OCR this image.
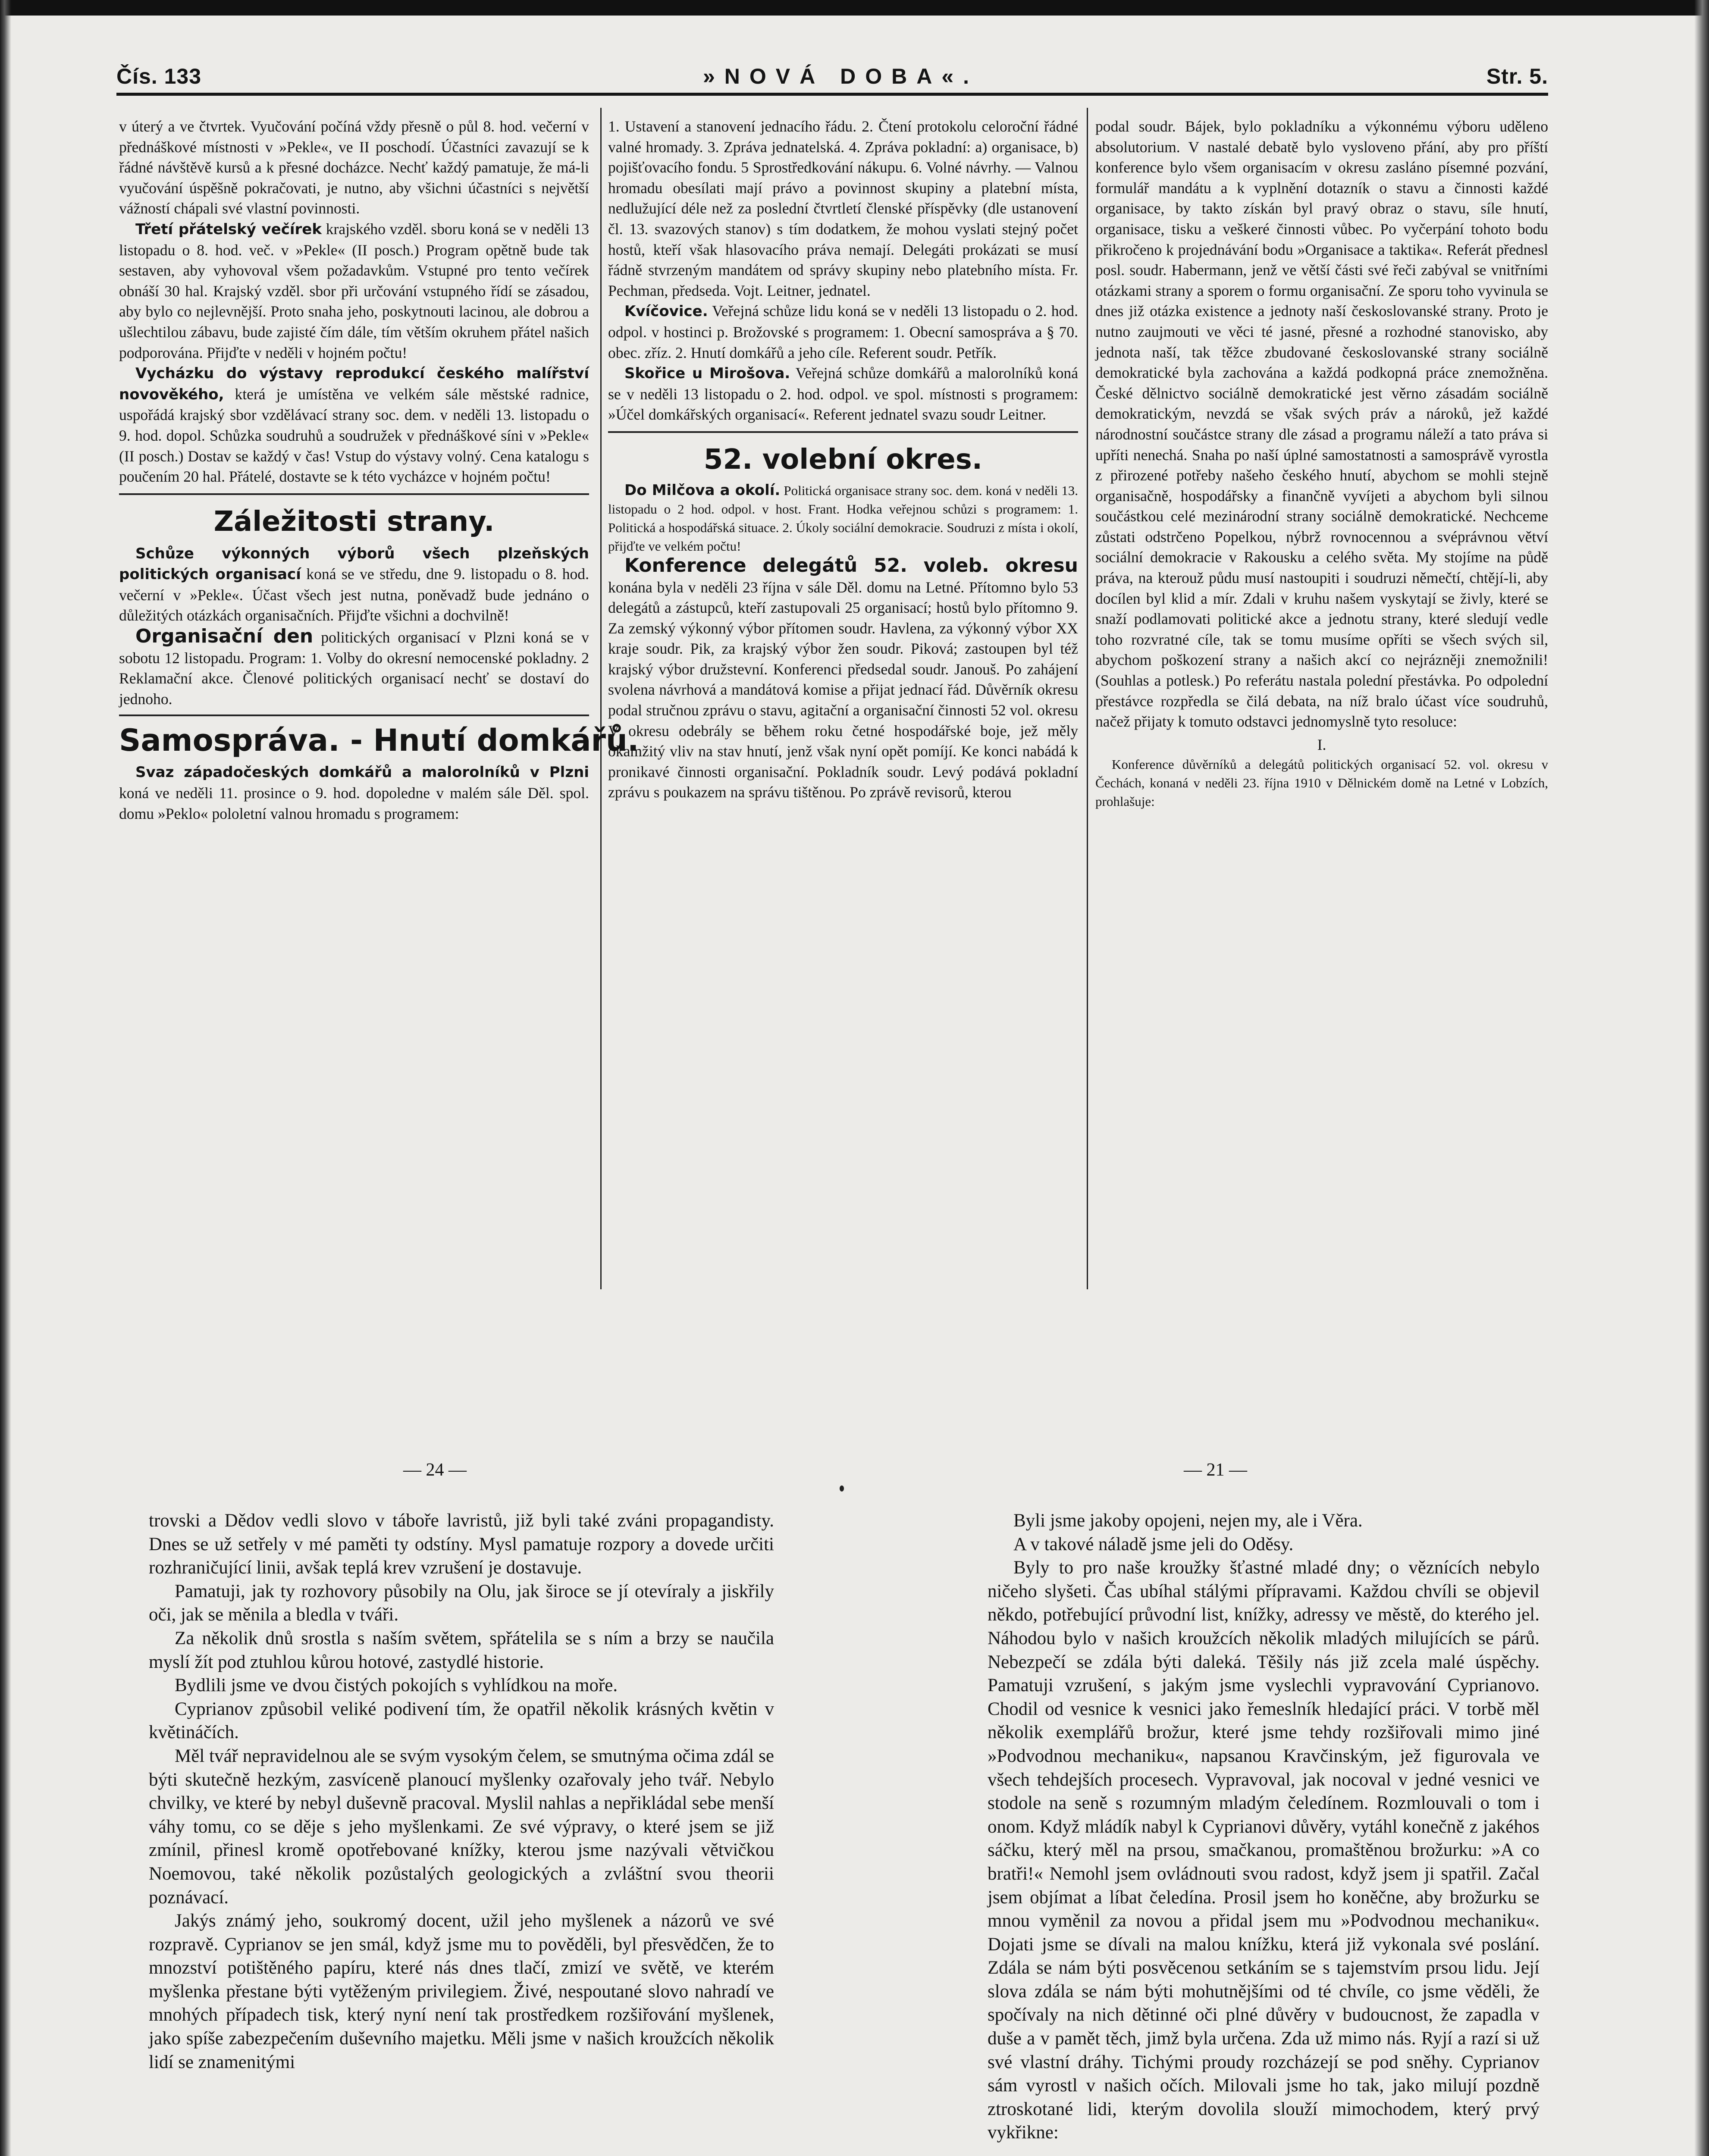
Čís. 133	»NOVÁ DOBA«.	Str. 5.

v úterý a ve čtvrtek. Vyučování počíná vždy přesně o půl 8. hod. večerní v přednáškové místnosti v »Pekle«, ve II poschodí. Účastníci zavazují se k řádné návštěvě kursů a k přesné docházce. Nechť každý pamatuje, že má-li vyučování úspěšně pokračovati, je nutno, aby všichni účastníci s největší vážností chápali své vlastní povinnosti.

Třetí přátelský večírek krajského vzděl. sboru koná se v neděli 13 listopadu o 8. hod. več. v »Pekle« (II posch.) Program opětně bude tak sestaven, aby vyhovoval všem požadavkům. Vstupné pro tento večírek obnáší 30 hal. Krajský vzděl. sbor při určování vstupného řídí se zásadou, aby bylo co nejlevnější. Proto snaha jeho, poskytnouti lacinou, ale dobrou a ušlechtilou zábavu, bude zajisté čím dále, tím větším okruhem přátel našich podporována. Přijďte v neděli v hojném počtu!

Vycházku do výstavy reprodukcí českého malířství novověkého, která je umístěna ve velkém sále městské radnice, uspořádá krajský sbor vzdělávací strany soc. dem. v neděli 13. listopadu o 9. hod. dopol. Schůzka soudruhů a soudružek v přednáškové síni v »Pekle« (II posch.) Dostav se každý v čas! Vstup do výstavy volný. Cena katalogu s poučením 20 hal. Přátelé, dostavte se k této vycházce v hojném počtu!

Záležitosti strany.

Schůze výkonných výborů všech plzeňských politických organisací koná se ve středu, dne 9. listopadu o 8. hod. večerní v »Pekle«. Účast všech jest nutna, poněvadž bude jednáno o důležitých otázkách organisačních. Přijďte všichni a dochvilně!

Organisační den politických organisací v Plzni koná se v sobotu 12 listopadu. Program: 1. Volby do okresní nemocenské pokladny. 2 Reklamační akce. Členové politických organisací nechť se dostaví do jednoho.

Samospráva. - Hnutí domkářů.

Svaz západočeských domkářů a malorolníků v Plzni koná ve neděli 11. prosince o 9. hod. dopoledne v malém sále Děl. spol. domu »Peklo« pololetní valnou hromadu s programem:

1. Ustavení a stanovení jednacího řádu. 2. Čtení protokolu celoroční řádné valné hromady. 3. Zpráva jednatelská. 4. Zpráva pokladní: a) organisace, b) pojišťovacího fondu. 5 Sprostředkování nákupu. 6. Volné návrhy. — Valnou hromadu obesílati mají právo a povinnost skupiny a platební místa, nedlužující déle než za poslední čtvrtletí členské příspěvky (dle ustanovení čl. 13. svazových stanov) s tím dodatkem, že mohou vyslati stejný počet hostů, kteří však hlasovacího práva nemají. Delegáti prokázati se musí řádně stvrzeným mandátem od správy skupiny nebo platebního místa. Fr. Pechman, předseda. Vojt. Leitner, jednatel.

Kvíčovice. Veřejná schůze lidu koná se v neděli 13 listopadu o 2. hod. odpol. v hostinci p. Brožovské s programem: 1. Obecní samospráva a § 70. obec. zříz. 2. Hnutí domkářů a jeho cíle. Referent soudr. Petřík.

Skořice u Mirošova. Veřejná schůze domkářů a malorolníků koná se v neděli 13 listopadu o 2. hod. odpol. ve spol. místnosti s programem: »Účel domkářských organisací«. Referent jednatel svazu soudr Leitner.

52. volební okres.

Do Milčova a okolí. Politická organisace strany soc. dem. koná v neděli 13. listopadu o 2 hod. odpol. v host. Frant. Hodka veřejnou schůzi s programem: 1. Politická a hospodářská situace. 2. Úkoly sociální demokracie. Soudruzi z místa i okolí, přijďte ve velkém počtu!

Konference delegátů 52. voleb. okresu konána byla v neděli 23 října v sále Děl. domu na Letné. Přítomno bylo 53 delegátů a zástupců, kteří zastupovali 25 organisací; hostů bylo přítomno 9. Za zemský výkonný výbor přítomen soudr. Havlena, za výkonný výbor XX kraje soudr. Pik, za krajský výbor žen soudr. Piková; zastoupen byl též krajský výbor družstevní. Konferenci předsedal soudr. Janouš. Po zahájení svolena návrhová a mandátová komise a přijat jednací řád. Důvěrník okresu podal stručnou zprávu o stavu, agitační a organisační činnosti 52 vol. okresu V okresu odebrály se během roku četné hospodářské boje, jež měly okamžitý vliv na stav hnutí, jenž však nyní opět pomíjí. Ke konci nabádá k pronikavé činnosti organisační. Pokladník soudr. Levý podává pokladní zprávu s poukazem na správu tištěnou. Po zprávě revisorů, kterou

podal soudr. Bájek, bylo pokladníku a výkonnému výboru uděleno absolutorium. V nastalé debatě bylo vysloveno přání, aby pro příští konference bylo všem organisacím v okresu zasláno písemné pozvání, formulář mandátu a k vyplnění dotazník o stavu a činnosti každé organisace, by takto získán byl pravý obraz o stavu, síle hnutí, organisace, tisku a veškeré činnosti vůbec. Po vyčerpání tohoto bodu přikročeno k projednávání bodu »Organisace a taktika«. Referát přednesl posl. soudr. Habermann, jenž ve větší části své řeči zabýval se vnitřními otázkami strany a sporem o formu organisační. Ze sporu toho vyvinula se dnes již otázka existence a jednoty naší českoslovanské strany. Proto je nutno zaujmouti ve věci té jasné, přesné a rozhodné stanovisko, aby jednota naší, tak těžce zbudované českoslovanské strany sociálně demokratické byla zachována a každá podkopná práce znemožněna. České dělnictvo sociálně demokratické jest věrno zásadám sociálně demokratickým, nevzdá se však svých práv a nároků, jež každé národnostní součástce strany dle zásad a programu náleží a tato práva si upříti nenechá. Snaha po naší úplné samostatnosti a samosprávě vyrostla z přirozené potřeby našeho českého hnutí, abychom se mohli stejně organisačně, hospodářsky a finančně vyvíjeti a abychom byli silnou součástkou celé mezinárodní strany sociálně demokratické. Nechceme zůstati odstrčeno Popelkou, nýbrž rovnocennou a svéprávnou větví sociální demokracie v Rakousku a celého světa. My stojíme na půdě práva, na kterouž půdu musí nastoupiti i soudruzi němečtí, chtějí-li, aby docílen byl klid a mír. Zdali v kruhu našem vyskytají se živly, které se snaží podlamovati politické akce a jednotu strany, které sledují vedle toho rozvratné cíle, tak se tomu musíme opříti se všech svých sil, abychom poškození strany a našich akcí co nejrázněji znemožnili! (Souhlas a potlesk.) Po referátu nastala polední přestávka. Po odpolední přestávce rozpředla se čilá debata, na níž bralo účast více soudruhů, načež přijaty k tomuto odstavci jednomyslně tyto resoluce:

I.

Konference důvěrníků a delegátů politických organisací 52. vol. okresu v Čechách, konaná v neděli 23. října 1910 v Dělnickém domě na Letné v Lobzích, prohlašuje:

— 24 —	— 21 —

trovski a Dědov vedli slovo v táboře lavristů, již byli také zváni propagandisty. Dnes se už setřely v mé paměti ty odstíny. Mysl pamatuje rozpory a dovede určiti rozhraničující linii, avšak teplá krev vzrušení je dostavuje.

Pamatuji, jak ty rozhovory působily na Olu, jak široce se jí otevíraly a jiskřily oči, jak se měnila a bledla v tváři.

Za několik dnů srostla s naším světem, spřátelila se s ním a brzy se naučila myslí žít pod ztuhlou kůrou hotové, zastydlé historie.

Bydlili jsme ve dvou čistých pokojích s vyhlídkou na moře.

Cyprianov způsobil veliké podivení tím, že opatřil několik krásných květin v květináčích.

Měl tvář nepravidelnou ale se svým vysokým čelem, se smutnýma očima zdál se býti skutečně hezkým, zasvíceně planoucí myšlenky ozařovaly jeho tvář. Nebylo chvilky, ve které by nebyl duševně pracoval. Myslil nahlas a nepřikládal sebe menší váhy tomu, co se děje s jeho myšlenkami. Ze své výpravy, o které jsem se již zmínil, přinesl kromě opotřebované knížky, kterou jsme nazývali větvičkou Noemovou, také několik pozůstalých geologických a zvláštní svou theorii poznávací.

Jakýs známý jeho, soukromý docent, užil jeho myšlenek a názorů ve své rozpravě. Cyprianov se jen smál, když jsme mu to pověděli, byl přesvědčen, že to mnozství potištěného papíru, které nás dnes tlačí, zmizí ve světě, ve kterém myšlenka přestane býti vytěženým privilegiem. Živé, nespoutané slovo nahradí ve mnohých případech tisk, který nyní není tak prostředkem rozšiřování myšlenek, jako spíše zabezpečením duševního majetku. Měli jsme v našich kroužcích několik lidí se znamenitými

Byli jsme jakoby opojeni, nejen my, ale i Věra.

A v takové náladě jsme jeli do Oděsy.

Byly to pro naše kroužky šťastné mladé dny; o věznících nebylo ničeho slyšeti. Čas ubíhal stálými přípravami. Každou chvíli se objevil někdo, potřebující průvodní list, knížky, adressy ve městě, do kterého jel. Náhodou bylo v našich kroužcích několik mladých milujících se párů. Nebezpečí se zdála býti daleká. Těšily nás již zcela malé úspěchy. Pamatuji vzrušení, s jakým jsme vyslechli vypravování Cyprianovo. Chodil od vesnice k vesnici jako řemeslník hledající práci. V torbě měl několik exemplářů brožur, které jsme tehdy rozšiřovali mimo jiné »Podvodnou mechaniku«, napsanou Kravčinským, jež figurovala ve všech tehdejších procesech. Vypravoval, jak nocoval v jedné vesnici ve stodole na seně s rozumným mladým čeledínem. Rozmlouvali o tom i onom. Když mládík nabyl k Cyprianovi důvěry, vytáhl konečně z jakéhos sáčku, který měl na prsou, smačkanou, promaštěnou brožurku: »A co bratři!« Nemohl jsem ovládnouti svou radost, když jsem ji spatřil. Začal jsem objímat a líbat čeledína. Prosil jsem ho koněčne, aby brožurku se mnou vyměnil za novou a přidal jsem mu »Podvodnou mechaniku«. Dojati jsme se dívali na malou knížku, která již vykonala své poslání. Zdála se nám býti posvěcenou setkáním se s tajemstvím prsou lidu. Její slova zdála se nám býti mohutnějšími od té chvíle, co jsme věděli, že spočívaly na nich dětinné oči plné důvěry v budoucnost, že zapadla v duše a v pamět těch, jimž byla určena. Zda už mimo nás. Ryjí a razí si už své vlastní dráhy. Tichými proudy rozcházejí se pod sněhy. Cyprianov sám vyrostl v našich očích. Milovali jsme ho tak, jako milují pozdně ztroskotané lidi, kterým dovolila slouží mimochodem, který prvý vykřikne:
